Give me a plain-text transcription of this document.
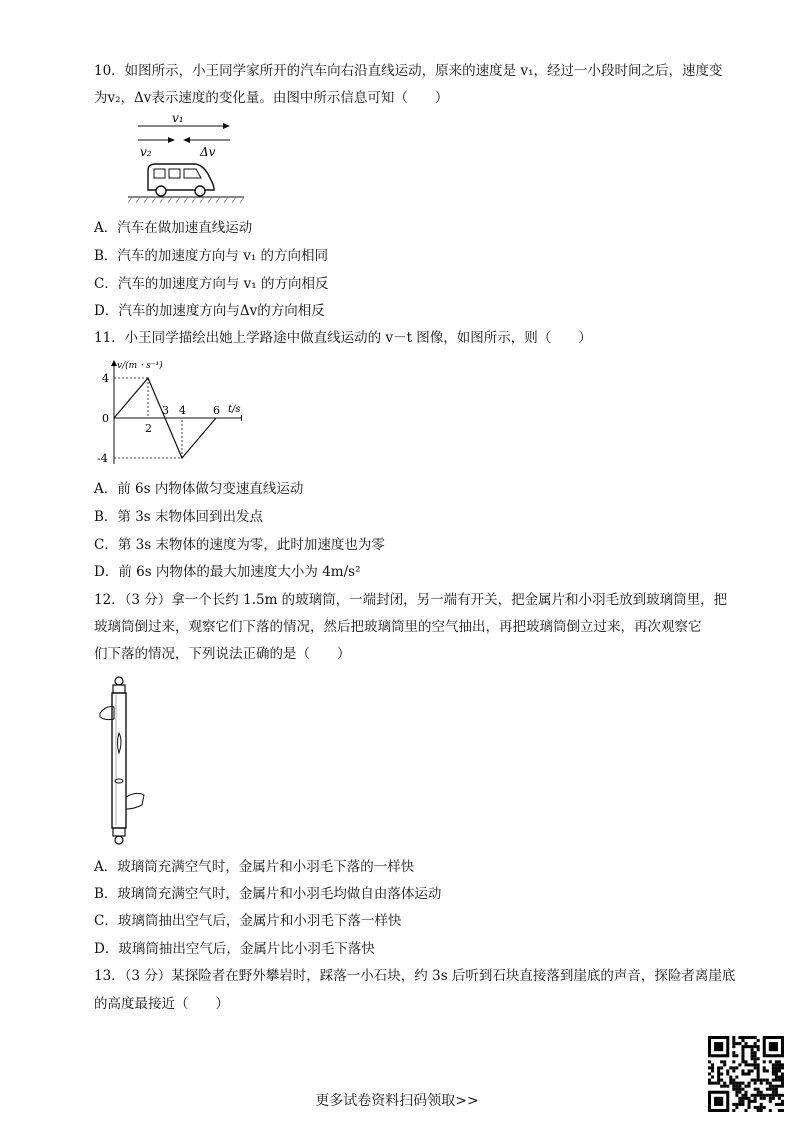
10．如图所示，小王同学家所开的汽车向右沿直线运动，原来的速度是 v₁，经过一小段时间之后，速度变
为v₂，Δv表示速度的变化量。由图中所示信息可知（　　）
v₁
v₂	Δv
A．汽车在做加速直线运动
B．汽车的加速度方向与 v₁ 的方向相同
C．汽车的加速度方向与 v₁ 的方向相反
D．汽车的加速度方向与Δv的方向相反
11．小王同学描绘出她上学路途中做直线运动的 v－t 图像，如图所示，则（　　）
v/(m・s⁻¹)
t/s
2
3 4 6
4
0
-4
A．前 6s 内物体做匀变速直线运动
B．第 3s 末物体回到出发点
C．第 3s 末物体的速度为零，此时加速度也为零
D．前 6s 内物体的最大加速度大小为 4m/s²
12．（3 分）拿一个长约 1.5m 的玻璃筒，一端封闭，另一端有开关，把金属片和小羽毛放到玻璃筒里，把
玻璃筒倒过来，观察它们下落的情况，然后把玻璃筒里的空气抽出，再把玻璃筒倒立过来，再次观察它
们下落的情况，下列说法正确的是（　　）
A．玻璃筒充满空气时，金属片和小羽毛下落的一样快
B．玻璃筒充满空气时，金属片和小羽毛均做自由落体运动
C．玻璃筒抽出空气后，金属片和小羽毛下落一样快
D．玻璃筒抽出空气后，金属片比小羽毛下落快
13．（3 分）某探险者在野外攀岩时，踩落一小石块，约 3s 后听到石块直接落到崖底的声音，探险者离崖底
的高度最接近（　　）
更多试卷资料扫码领取>>
